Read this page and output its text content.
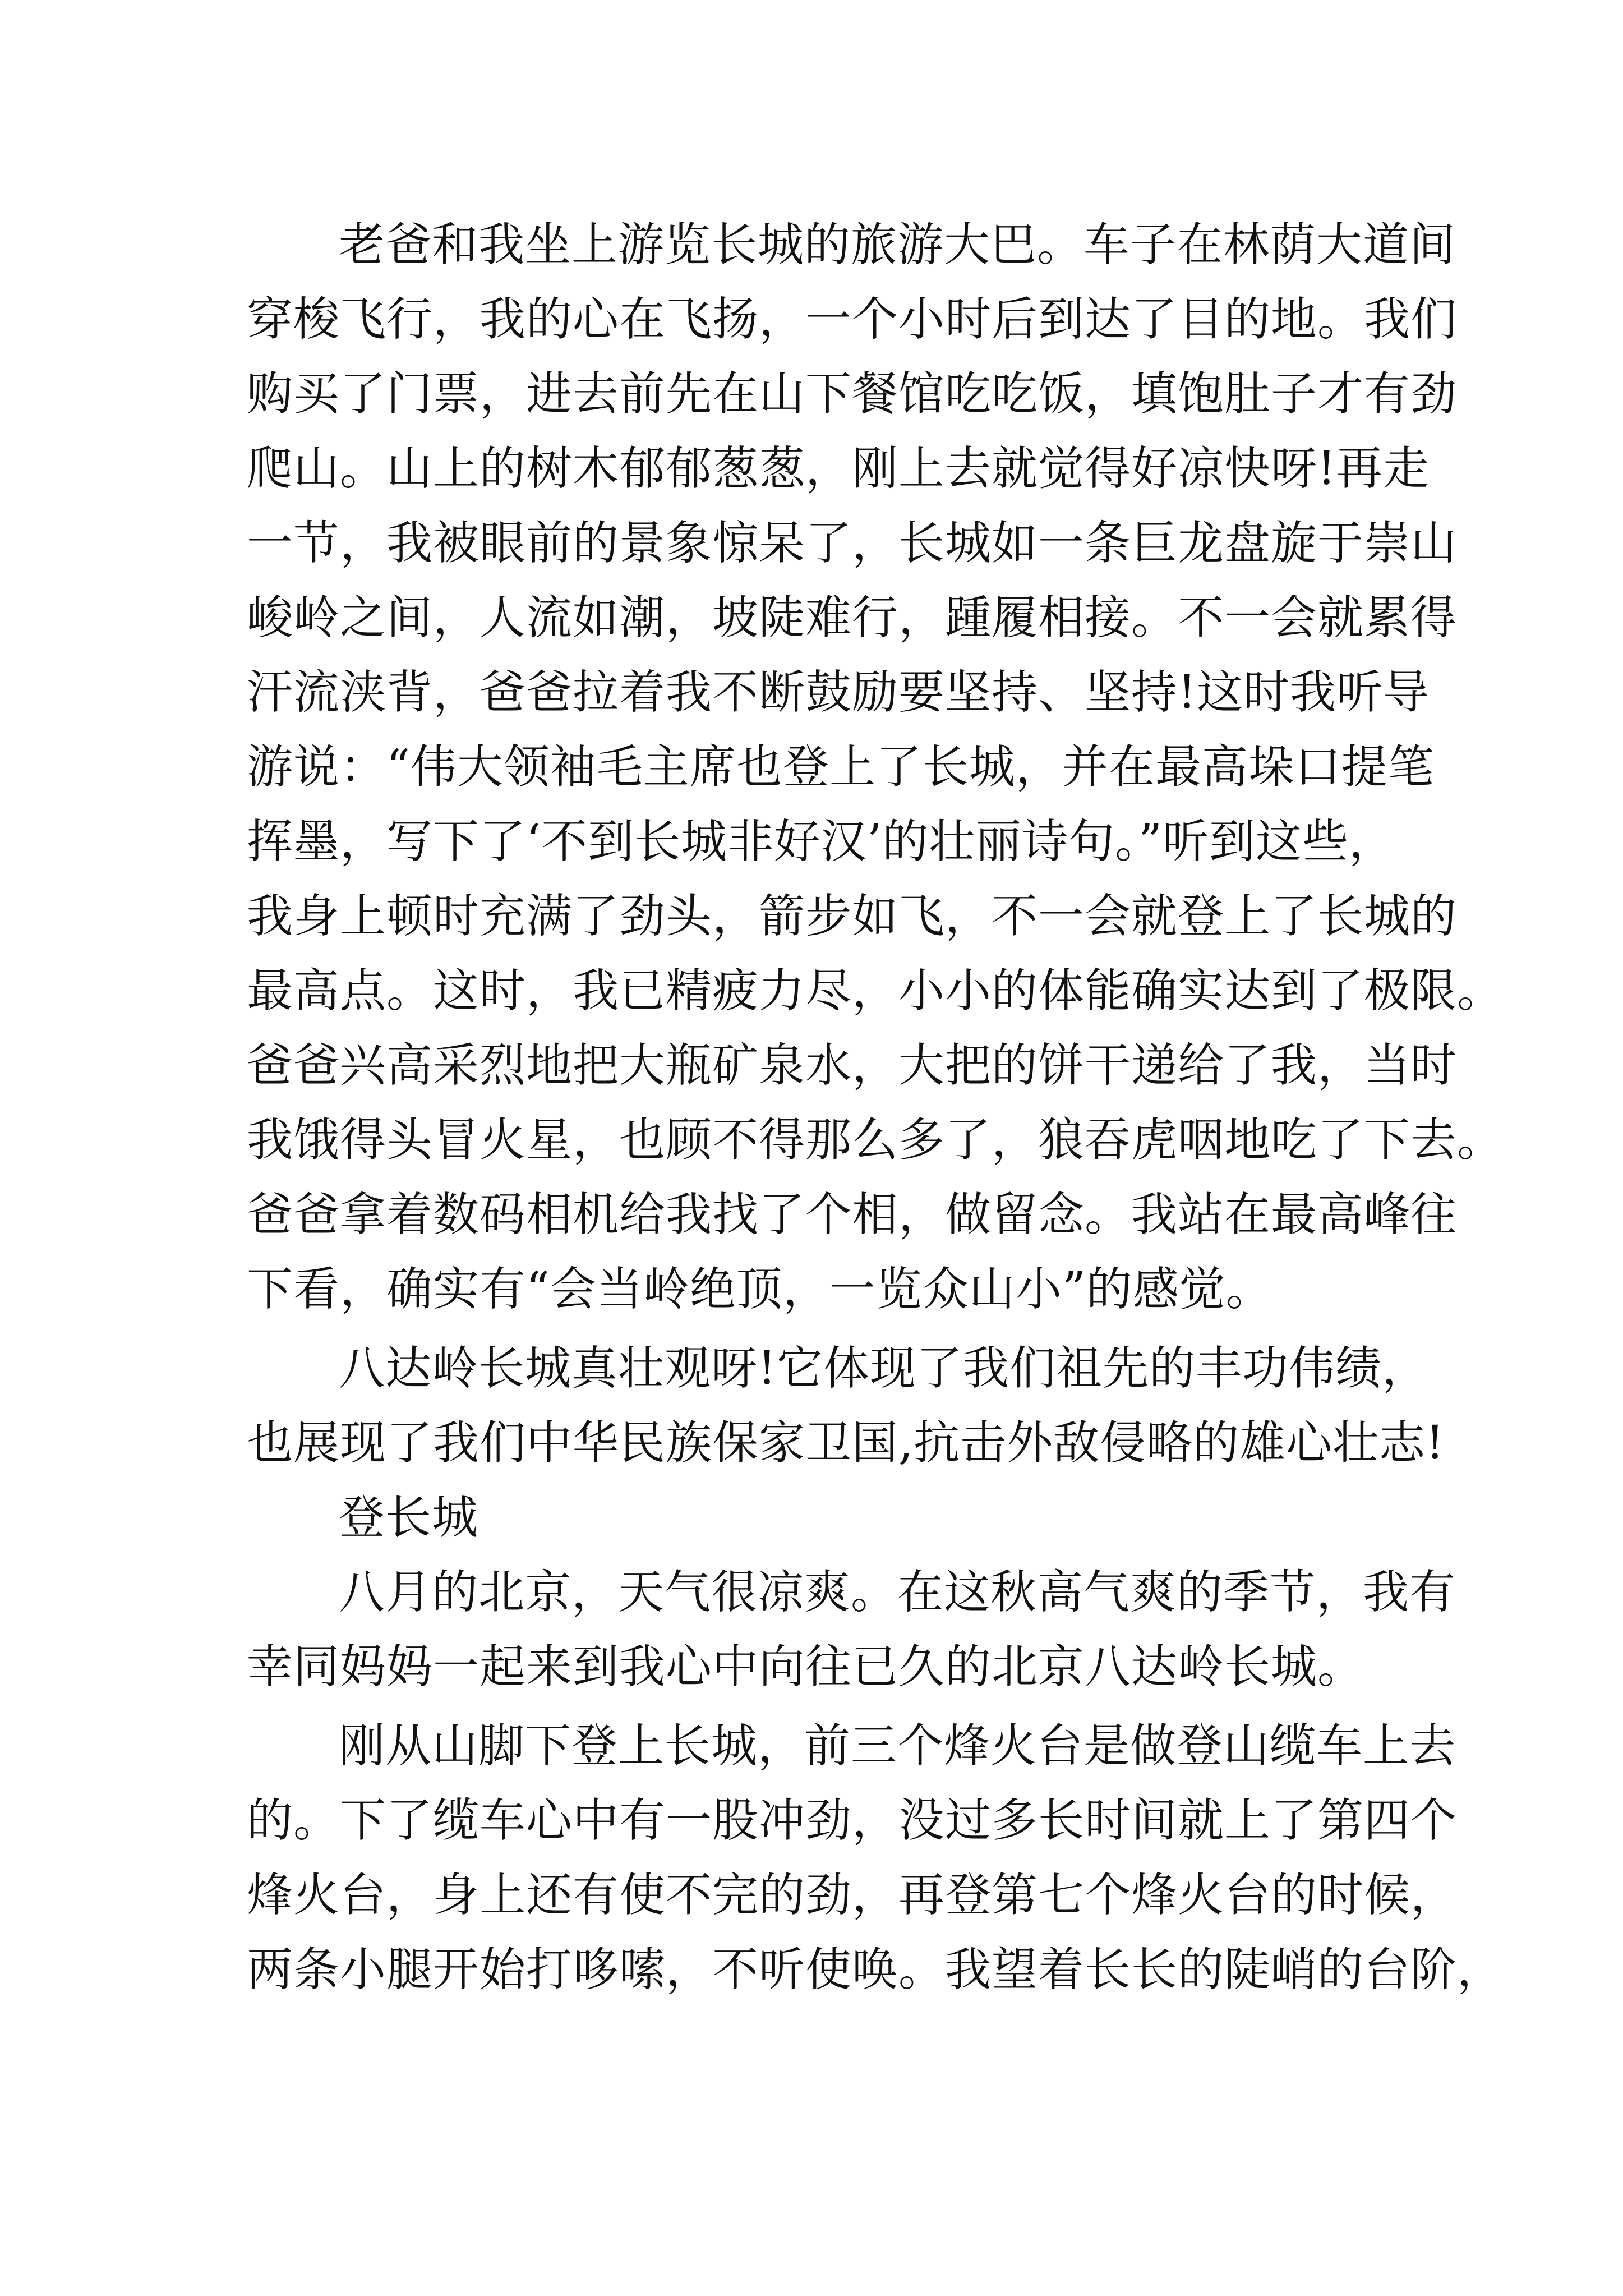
老爸和我坐上游览长城的旅游大巴。车子在林荫大道间
穿梭飞行，我的心在飞扬，一个小时后到达了目的地。我们
购买了门票，进去前先在山下餐馆吃吃饭，填饱肚子才有劲
爬山。山上的树木郁郁葱葱，刚上去就觉得好凉快呀!再走
一节，我被眼前的景象惊呆了，长城如一条巨龙盘旋于崇山
峻岭之间，人流如潮，坡陡难行，踵履相接。不一会就累得
汗流浃背，爸爸拉着我不断鼓励要坚持、坚持!这时我听导
游说：“伟大领袖毛主席也登上了长城，并在最高垛口提笔
挥墨，写下了‘不到长城非好汉’的壮丽诗句。”听到这些，
我身上顿时充满了劲头，箭步如飞，不一会就登上了长城的
最高点。这时，我已精疲力尽，小小的体能确实达到了极限。
爸爸兴高采烈地把大瓶矿泉水，大把的饼干递给了我，当时
我饿得头冒火星，也顾不得那么多了，狼吞虎咽地吃了下去。
爸爸拿着数码相机给我找了个相，做留念。我站在最高峰往
下看，确实有“会当岭绝顶，一览众山小”的感觉。
八达岭长城真壮观呀!它体现了我们祖先的丰功伟绩，
也展现了我们中华民族保家卫国,抗击外敌侵略的雄心壮志!
登长城
八月的北京，天气很凉爽。在这秋高气爽的季节，我有
幸同妈妈一起来到我心中向往已久的北京八达岭长城。
刚从山脚下登上长城，前三个烽火台是做登山缆车上去
的。下了缆车心中有一股冲劲，没过多长时间就上了第四个
烽火台，身上还有使不完的劲，再登第七个烽火台的时候，
两条小腿开始打哆嗦，不听使唤。我望着长长的陡峭的台阶，
